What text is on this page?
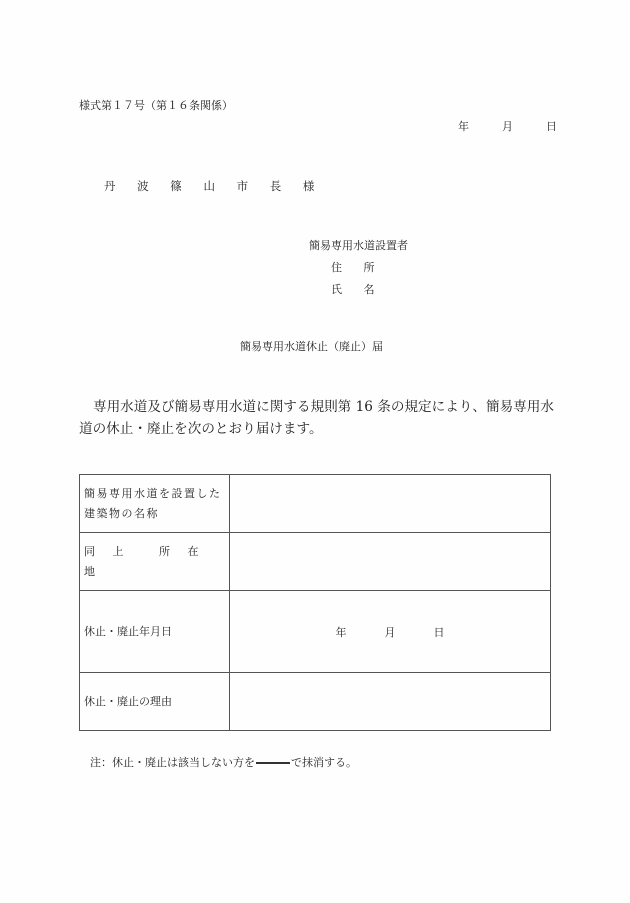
様式第１７号（第１６条関係）
年	月	日
丹 波 篠 山 市 長 様
簡易専用水道設置者
住 所
氏 名
簡易専用水道休止（廃止）届
専用水道及び簡易専用水道に関する規則第 16 条の規定により、簡易専用水道の休止・廃止を次のとおり届けます。
簡易専用水道を設置した建築物の名称	
同 上　 所 在 地	
休止・廃止年月日	年 月 日

休止・廃止の理由	
注：休止・廃止は該当しない方を	で抹消する。
